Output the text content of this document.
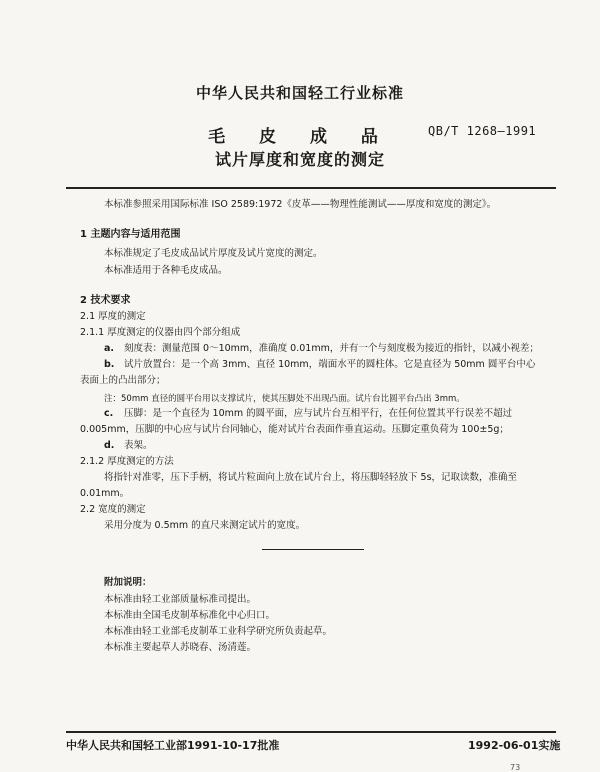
中华人民共和国轻工行业标准
毛 皮 成 品	QB/T 1268—1991
试片厚度和宽度的测定
本标准参照采用国际标准 ISO 2589:1972《皮革——物理性能测试——厚度和宽度的测定》。
1 主题内容与适用范围
本标准规定了毛皮成品试片厚度及试片宽度的测定。
本标准适用于各种毛皮成品。
2 技术要求
2.1 厚度的测定
2.1.1 厚度测定的仪器由四个部分组成
a. 刻度表：测量范围 0～10mm，准确度 0.01mm，并有一个与刻度极为接近的指针，以减小视差；
b. 试片放置台：是一个高 3mm、直径 10mm，端面水平的圆柱体。它是直径为 50mm 圆平台中心
表面上的凸出部分；
注：50mm 直径的圆平台用以支撑试片，使其压脚处不出现凸面。试片台比圆平台凸出 3mm。
c. 压脚：是一个直径为 10mm 的圆平面，应与试片台互相平行，在任何位置其平行误差不超过
0.005mm，压脚的中心应与试片台同轴心，能对试片台表面作垂直运动。压脚定重负荷为 100±5g；
d. 表架。
2.1.2 厚度测定的方法
将指针对准零，压下手柄，将试片粒面向上放在试片台上，将压脚轻轻放下 5s，记取读数，准确至
0.01mm。
2.2 宽度的测定
采用分度为 0.5mm 的直尺来测定试片的宽度。
附加说明：
本标准由轻工业部质量标准司提出。
本标准由全国毛皮制革标准化中心归口。
本标准由轻工业部毛皮制革工业科学研究所负责起草。
本标准主要起草人苏晓春、汤清莲。
中华人民共和国轻工业部1991-10-17批准	1992-06-01实施
73
